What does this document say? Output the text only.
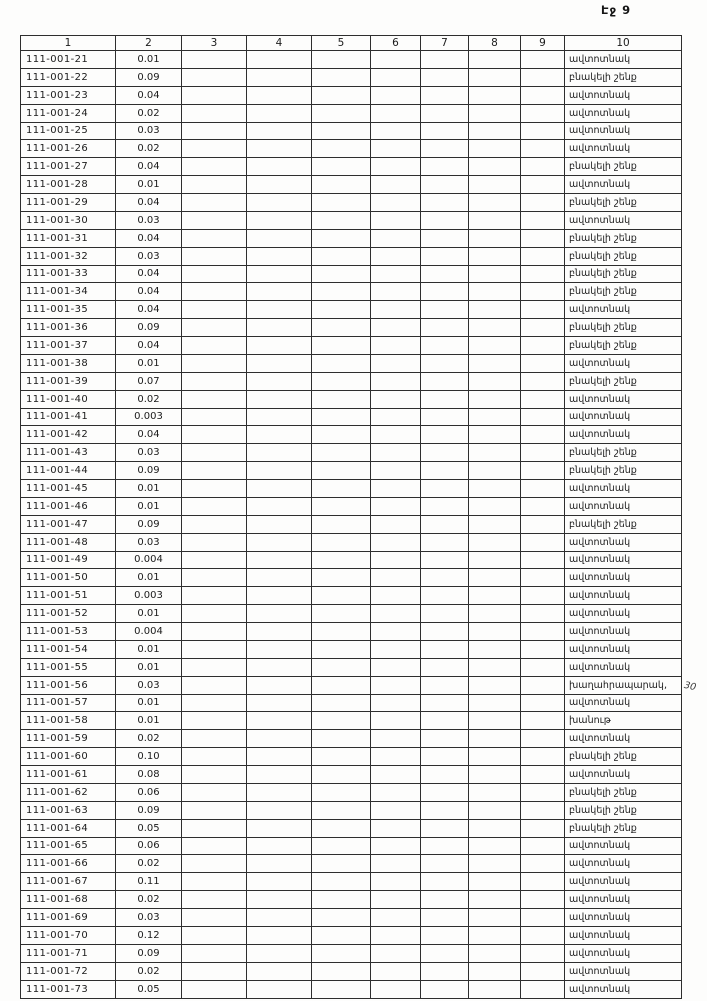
Էջ 9
1	2	3	4	5	6	7	8	9	10
111-001-21	0.01								ավտոտնակ
111-001-22	0.09								բնակելի շենք
111-001-23	0.04								ավտոտնակ
111-001-24	0.02								ավտոտնակ
111-001-25	0.03								ավտոտնակ
111-001-26	0.02								ավտոտնակ
111-001-27	0.04								բնակելի շենք
111-001-28	0.01								ավտոտնակ
111-001-29	0.04								բնակելի շենք
111-001-30	0.03								ավտոտնակ
111-001-31	0.04								բնակելի շենք
111-001-32	0.03								բնակելի շենք
111-001-33	0.04								բնակելի շենք
111-001-34	0.04								բնակելի շենք
111-001-35	0.04								ավտոտնակ
111-001-36	0.09								բնակելի շենք
111-001-37	0.04								բնակելի շենք
111-001-38	0.01								ավտոտնակ
111-001-39	0.07								բնակելի շենք
111-001-40	0.02								ավտոտնակ
111-001-41	0.003								ավտոտնակ
111-001-42	0.04								ավտոտնակ
111-001-43	0.03								բնակելի շենք
111-001-44	0.09								բնակելի շենք
111-001-45	0.01								ավտոտնակ
111-001-46	0.01								ավտոտնակ
111-001-47	0.09								բնակելի շենք
111-001-48	0.03								ավտոտնակ
111-001-49	0.004								ավտոտնակ
111-001-50	0.01								ավտոտնակ
111-001-51	0.003								ավտոտնակ
111-001-52	0.01								ավտոտնակ
111-001-53	0.004								ավտոտնակ
111-001-54	0.01								ավտոտնակ
111-001-55	0.01								ավտոտնակ
111-001-56	0.03								խաղահրապարակ,
111-001-57	0.01								ավտոտնակ
111-001-58	0.01								խանութ
111-001-59	0.02								ավտոտնակ
111-001-60	0.10								բնակելի շենք
111-001-61	0.08								ավտոտնակ
111-001-62	0.06								բնակելի շենք
111-001-63	0.09								բնակելի շենք
111-001-64	0.05								բնակելի շենք
111-001-65	0.06								ավտոտնակ
111-001-66	0.02								ավտոտնակ
111-001-67	0.11								ավտոտնակ
111-001-68	0.02								ավտոտնակ
111-001-69	0.03								ավտոտնակ
111-001-70	0.12								ավտոտնակ
111-001-71	0.09								ավտոտնակ
111-001-72	0.02								ավտոտնակ
111-001-73	0.05								ավտոտնակ
30
